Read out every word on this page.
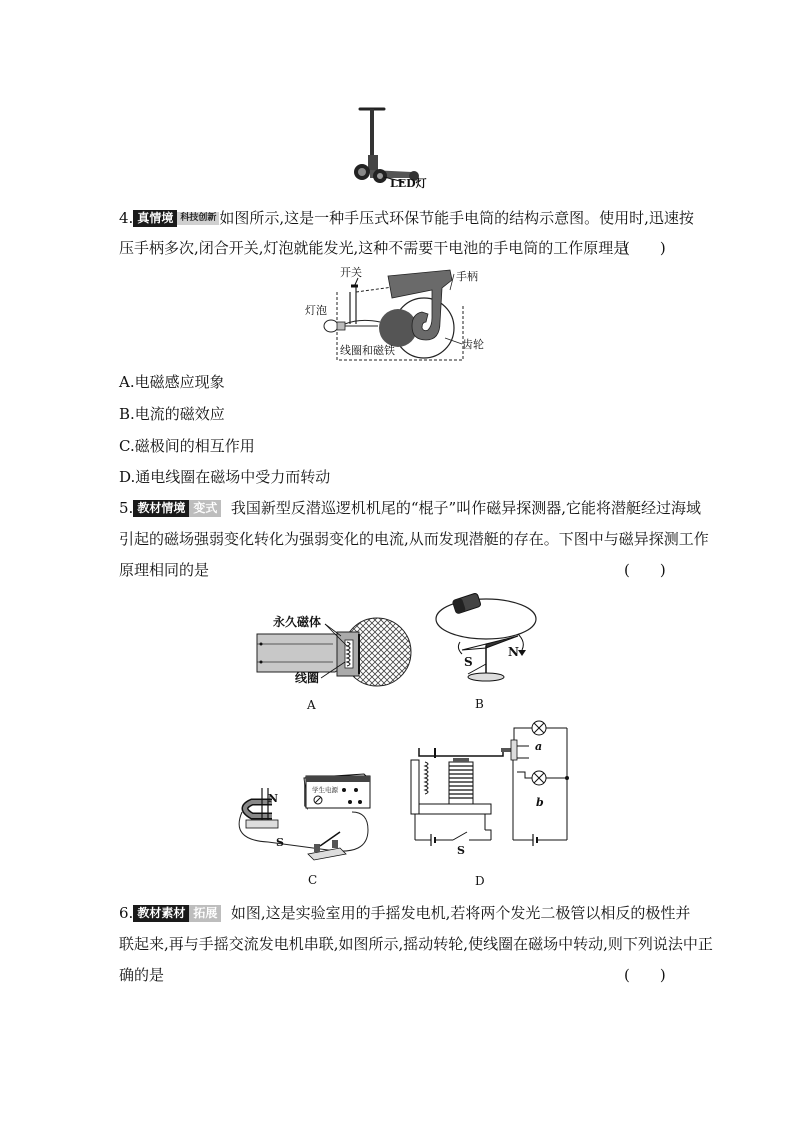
LED灯
4. 真情境 科技创新 如图所示,这是一种手压式环保节能手电筒的结构示意图。使用时,迅速按
压手柄多次,闭合开关,灯泡就能发光,这种不需要干电池的手电筒的工作原理是
(　　)
开关
灯泡
手柄
线圈和磁铁	齿轮
A.电磁感应现象
B.电流的磁效应
C.磁极间的相互作用
D.通电线圈在磁场中受力而转动
5. 教材情境 变式 我国新型反潜巡逻机机尾的“棍子”叫作磁异探测器,它能将潜艇经过海域
引起的磁场强弱变化转化为强弱变化的电流,从而发现潜艇的存在。下图中与磁异探测工作
原理相同的是	(　　)
永久磁体
线圈
A
S
N
B
N
S
学生电源
C
a
b
S
D
6. 教材素材 拓展 如图,这是实验室用的手摇发电机,若将两个发光二极管以相反的极性并
联起来,再与手摇交流发电机串联,如图所示,摇动转轮,使线圈在磁场中转动,则下列说法中正
确的是	(　　)
